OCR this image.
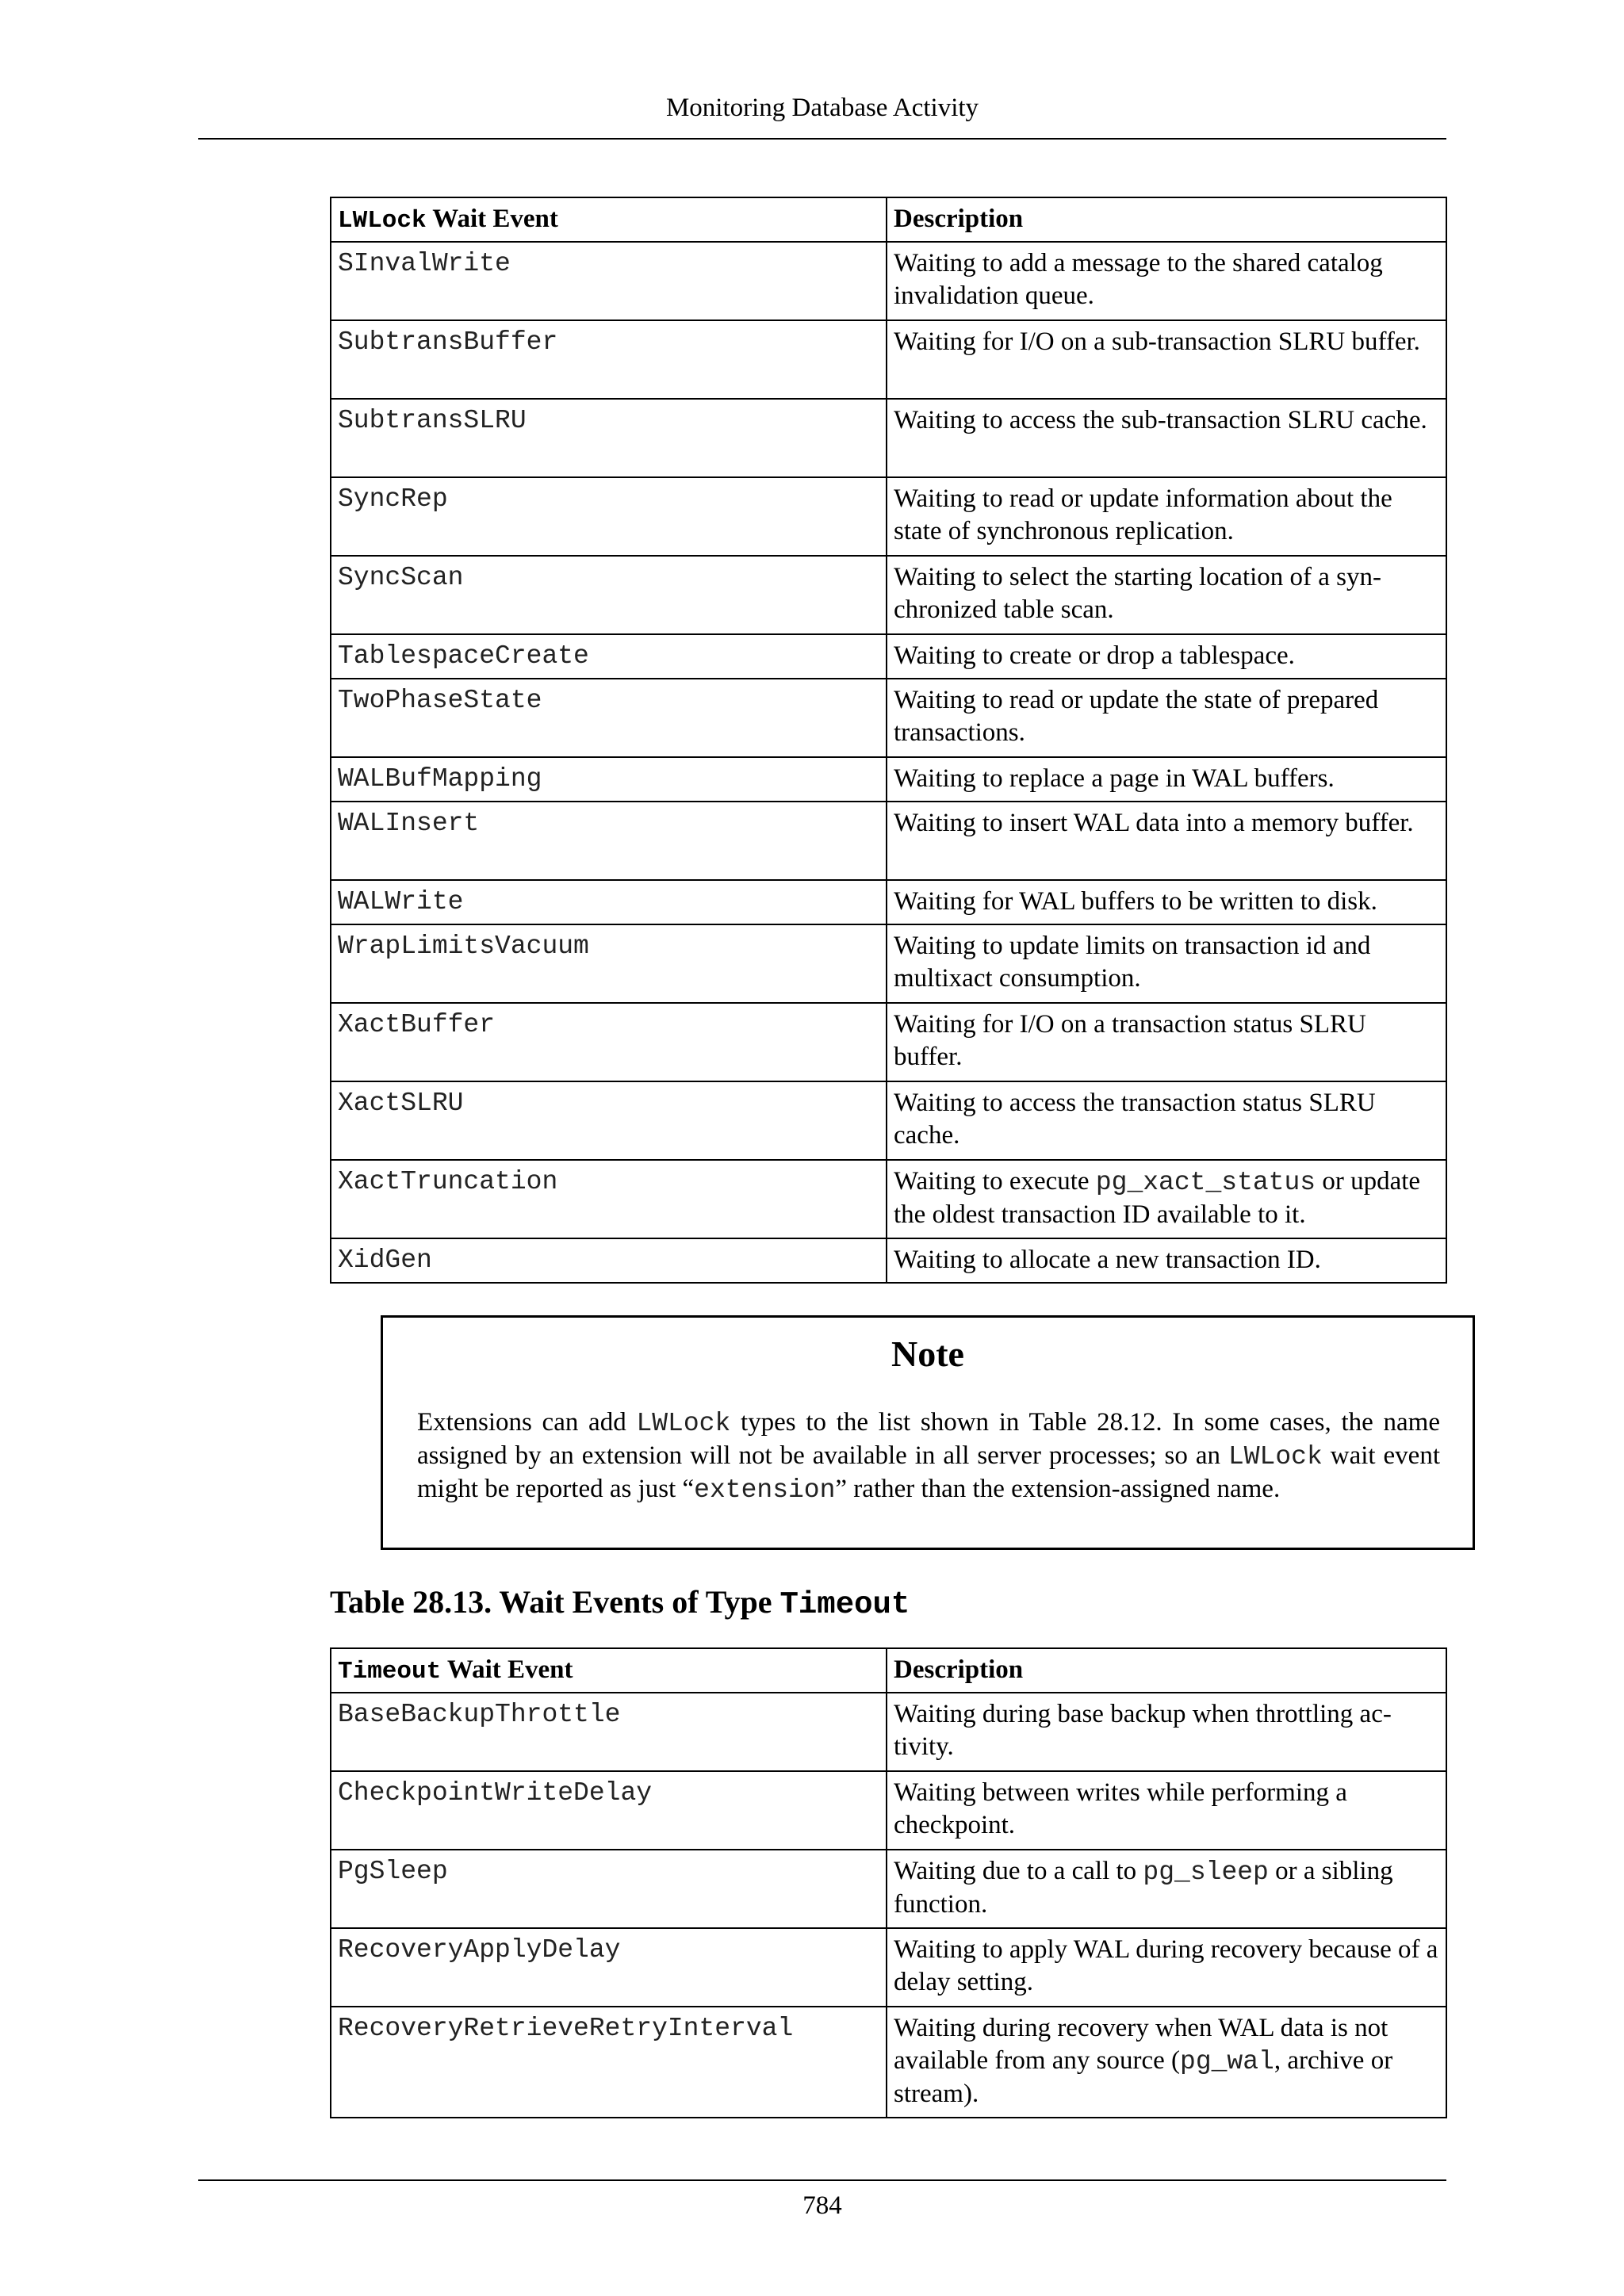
Monitoring Database Activity
LWLock Wait Event	Description
SInvalWrite	Waiting to add a message to the shared catalog invalidation queue.
SubtransBuffer	Waiting for I/O on a sub-transaction SLRU buffer.
SubtransSLRU	Waiting to access the sub-transaction SLRU cache.
SyncRep	Waiting to read or update information about the state of synchronous replication.
SyncScan	Waiting to select the starting location of a synchronized table scan.
TablespaceCreate	Waiting to create or drop a tablespace.
TwoPhaseState	Waiting to read or update the state of prepared transactions.
WALBufMapping	Waiting to replace a page in WAL buffers.
WALInsert	Waiting to insert WAL data into a memory buffer.
WALWrite	Waiting for WAL buffers to be written to disk.
WrapLimitsVacuum	Waiting to update limits on transaction id and multixact consumption.
XactBuffer	Waiting for I/O on a transaction status SLRU buffer.
XactSLRU	Waiting to access the transaction status SLRU cache.
XactTruncation	Waiting to execute pg_xact_status or update the oldest transaction ID available to it.
XidGen	Waiting to allocate a new transaction ID.
Note
Extensions can add LWLock types to the list shown in Table 28.12. In some cases, the name assigned by an extension will not be available in all server processes; so an LWLock wait event might be reported as just “extension” rather than the extension-assigned name.
Table 28.13. Wait Events of Type Timeout
Timeout Wait Event	Description
BaseBackupThrottle	Waiting during base backup when throttling activity.
CheckpointWriteDelay	Waiting between writes while performing a checkpoint.
PgSleep	Waiting due to a call to pg_sleep or a sibling function.
RecoveryApplyDelay	Waiting to apply WAL during recovery because of a delay setting.
RecoveryRetrieveRetryInterval	Waiting during recovery when WAL data is not available from any source (pg_wal, archive or stream).
784
